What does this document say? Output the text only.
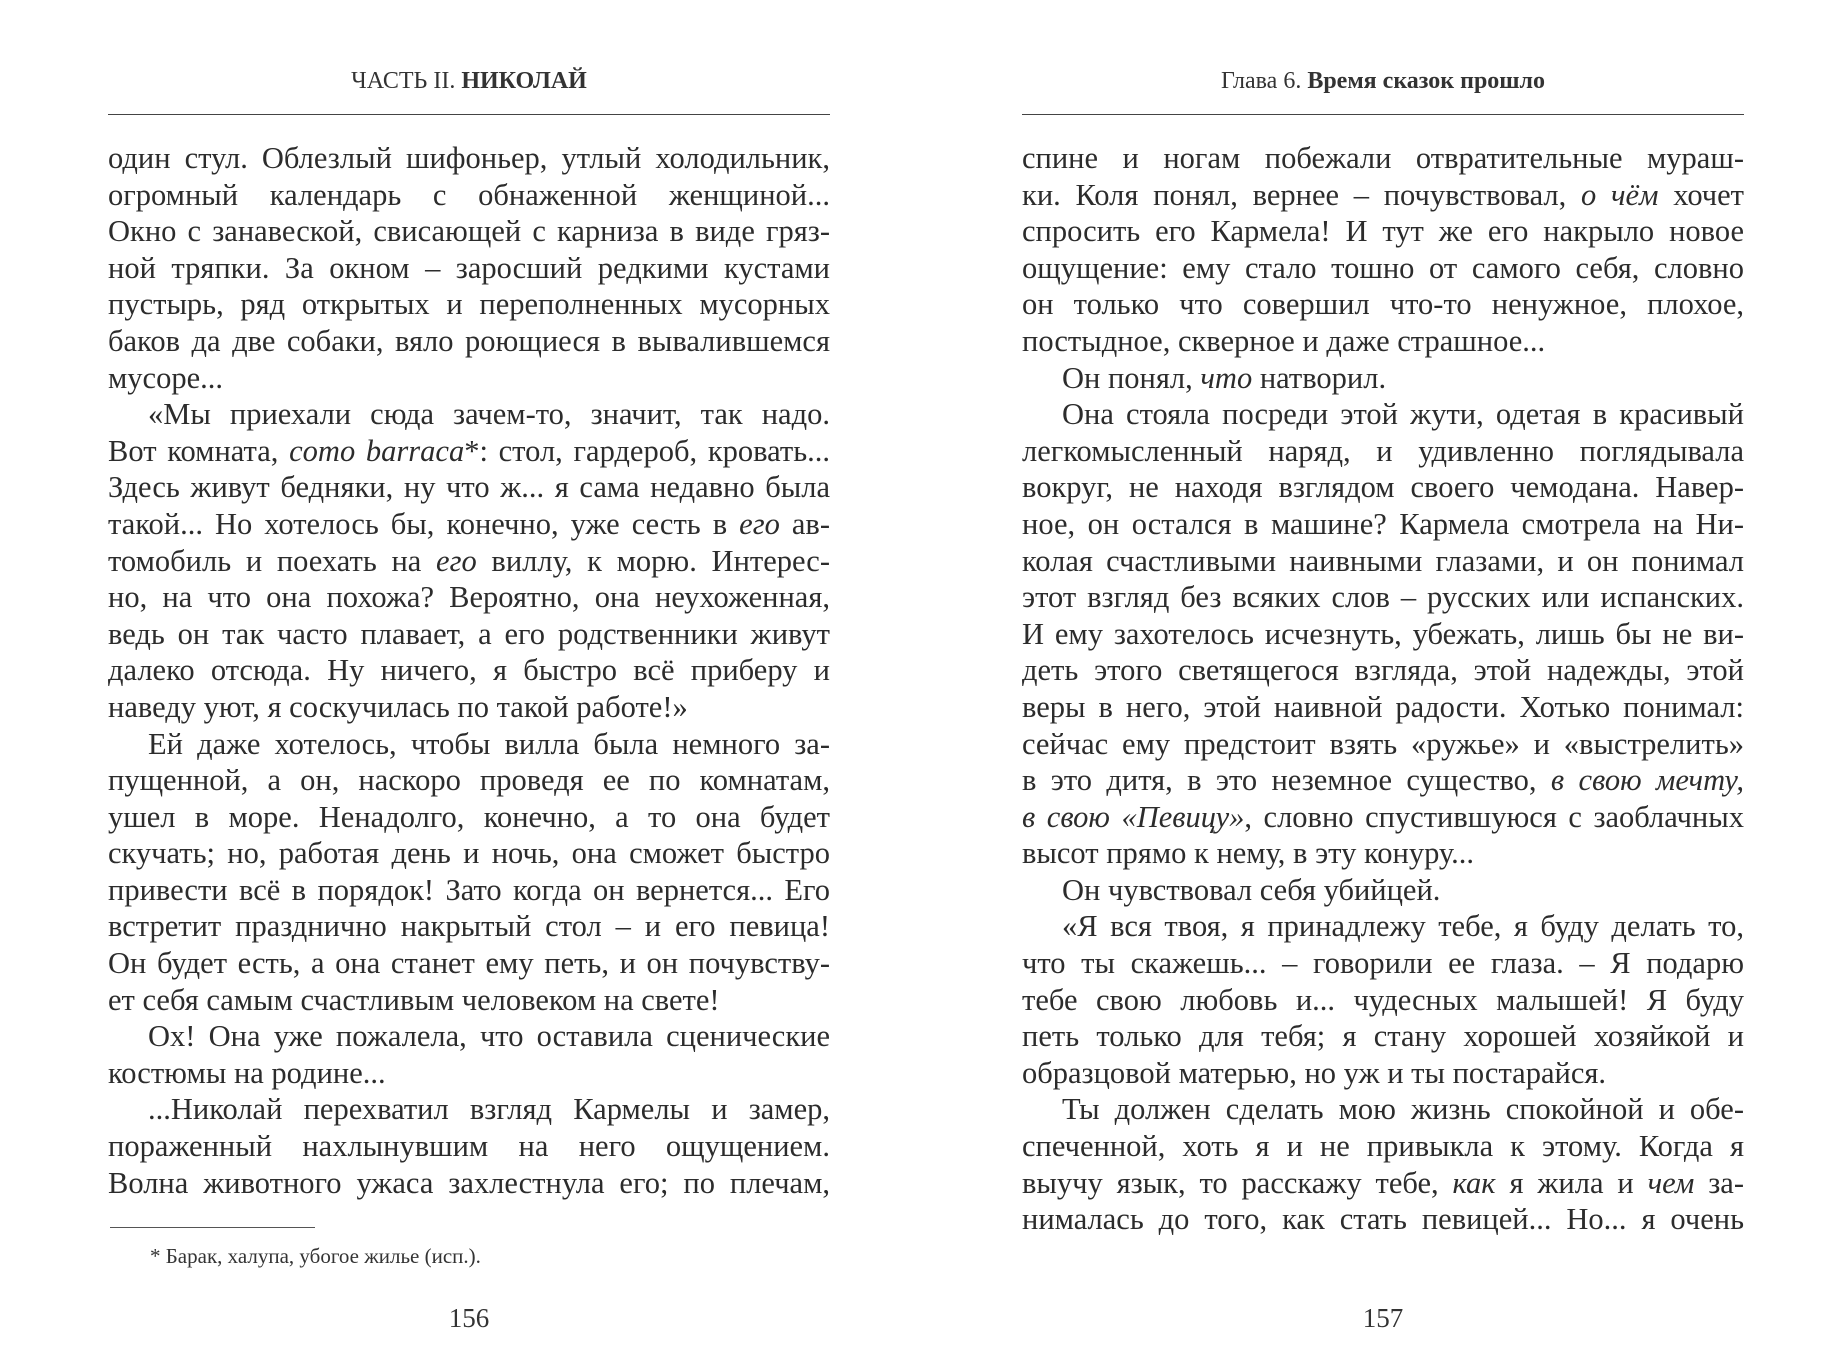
ЧАСТЬ II. НИКОЛАЙ

один стул. Облезлый шифоньер, утлый холодильник,

огромный календарь с обнаженной женщиной...

Окно с занавеской, свисающей с карниза в виде гряз-

ной тряпки. За окном – заросший редкими кустами

пустырь, ряд открытых и переполненных мусорных

баков да две собаки, вяло роющиеся в вывалившемся

мусоре...

«Мы приехали сюда зачем-то, значит, так надо.

Вот комната, como barraca*: стол, гардероб, кровать...

Здесь живут бедняки, ну что ж... я сама недавно была

такой... Но хотелось бы, конечно, уже сесть в его ав-

томобиль и поехать на его виллу, к морю. Интерес-

но, на что она похожа? Вероятно, она неухоженная,

ведь он так часто плавает, а его родственники живут

далеко отсюда. Ну ничего, я быстро всё приберу и

наведу уют, я соскучилась по такой работе!»

Ей даже хотелось, чтобы вилла была немного за-

пущенной, а он, наскоро проведя ее по комнатам,

ушел в море. Ненадолго, конечно, а то она будет

скучать; но, работая день и ночь, она сможет быстро

привести всё в порядок! Зато когда он вернется... Его

встретит празднично накрытый стол – и его певица!

Он будет есть, а она станет ему петь, и он почувству-

ет себя самым счастливым человеком на свете!

Ох! Она уже пожалела, что оставила сценические

костюмы на родине...

...Николай перехватил взгляд Кармелы и замер,

пораженный нахлынувшим на него ощущением.

Волна животного ужаса захлестнула его; по плечам,

* Барак, халупа, убогое жилье (исп.).
156
Глава 6. Время сказок прошло

спине и ногам побежали отвратительные мураш-

ки. Коля понял, вернее – почувствовал, о чём хочет

спросить его Кармела! И тут же его накрыло новое

ощущение: ему стало тошно от самого себя, словно

он только что совершил что-то ненужное, плохое,

постыдное, скверное и даже страшное...

Он понял, что натворил.

Она стояла посреди этой жути, одетая в красивый

легкомысленный наряд, и удивленно поглядывала

вокруг, не находя взглядом своего чемодана. Навер-

ное, он остался в машине? Кармела смотрела на Ни-

колая счастливыми наивными глазами, и он понимал

этот взгляд без всяких слов – русских или испанских.

И ему захотелось исчезнуть, убежать, лишь бы не ви-

деть этого светящегося взгляда, этой надежды, этой

веры в него, этой наивной радости. Хотько понимал:

сейчас ему предстоит взять «ружье» и «выстрелить»

в это дитя, в это неземное существо, в свою мечту,

в свою «Певицу», словно спустившуюся с заоблачных

высот прямо к нему, в эту конуру...

Он чувствовал себя убийцей.

«Я вся твоя, я принадлежу тебе, я буду делать то,

что ты скажешь... – говорили ее глаза. – Я подарю

тебе свою любовь и... чудесных малышей! Я буду

петь только для тебя; я стану хорошей хозяйкой и

образцовой матерью, но уж и ты постарайся.

Ты должен сделать мою жизнь спокойной и обе-

спеченной, хоть я и не привыкла к этому. Когда я

выучу язык, то расскажу тебе, как я жила и чем за-

нималась до того, как стать певицей... Но... я очень

157
